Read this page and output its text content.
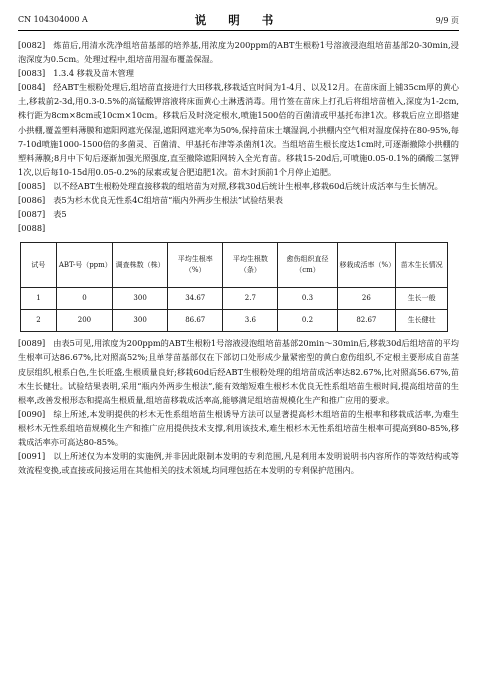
CN 104304000 A	说 明 书	9/9 页

[0082] 炼苗后,用清水洗净组培苗基部的培养基,用浓度为200ppm的ABT生根粉1号溶液浸泡组培苗基部20-30min,浸泡深度为0.5cm。处理过程中,组培苗用湿布覆盖保湿。

[0083] 1.3.4 移栽及苗木管理

[0084] 经ABT生根粉处理后,组培苗直接进行大田移栽,移栽适宜时间为1-4月、以及12月。在苗床面上铺35cm厚的黄心土,移栽前2-3d,用0.3-0.5%的高锰酸钾溶液将床面黄心土淋透消毒。用竹签在苗床上打孔后将组培苗植入,深度为1-2cm,株行距为8cm×8cm或10cm×10cm。移栽后及时浇定根水,喷施1500倍的百菌清或甲基托布津1次。移栽后应立即搭建小拱棚,覆盖塑料薄膜和遮阳网遮光保湿,遮阳网遮光率为50%,保持苗床土壤湿润,小拱棚内空气相对湿度保持在80-95%,每7-10d喷施1000-1500倍的多菌灵、百菌清、甲基托布津等杀菌剂1次。当组培苗生根长度达1cm时,可逐渐撤除小拱棚的塑料薄膜;8月中下旬后逐渐加强光照强度,直至撤除遮阳网转入全光育苗。移栽15-20d后,可喷施0.05-0.1%的磷酸二氢钾1次,以后每10-15d用0.05-0.2%的尿素或复合肥追肥1次。苗木封顶前1个月停止追肥。

[0085] 以不经ABT生根粉处理直接移栽的组培苗为对照,移栽30d后统计生根率,移栽60d后统计成活率与生长情况。

[0086] 表5为杉木优良无性系4C组培苗“瓶内外两步生根法”试验结果表

[0087] 表5

[0088]

试号	ABT-号（ppm）	调查株数（株）	平均生根率（%）	平均生根数（条）	愈伤组织直径（cm）	移栽成活率（%）	苗木生长情况
1	0	300	34.67	2.7	0.3	26	生长一般
2	200	300	86.67	3.6	0.2	82.67	生长健壮

[0089] 由表5可见,用浓度为200ppm的ABT生根粉1号溶液浸泡组培苗基部20min～30min后,移栽30d后组培苗的平均生根率可达86.67%,比对照高52%;且单芽苗基部仅在下部切口处形成少量紧密型的黄白愈伤组织,不定根主要形成自苗茎皮层组织,根系白色,生长旺盛,生根质量良好;移栽60d后经ABT生根粉处理的组培苗成活率达82.67%,比对照高56.67%,苗木生长健壮。试验结果表明,采用“瓶内外两步生根法”,能有效缩短难生根杉木优良无性系组培苗生根时间,提高组培苗的生根率,改善发根形态和提高生根质量,组培苗移栽成活率高,能够满足组培苗规模化生产和推广应用的要求。

[0090] 综上所述,本发明提供的杉木无性系组培苗生根诱导方法可以显著提高杉木组培苗的生根率和移栽成活率,为难生根杉木无性系组培苗规模化生产和推广应用提供技术支撑,利用该技术,难生根杉木无性系组培苗生根率可提高到80-85%,移栽成活率亦可高达80-85%。

[0091] 以上所述仅为本发明的实施例,并非因此限制本发明的专利范围,凡是利用本发明说明书内容所作的等效结构或等效流程变换,或直接或间接运用在其他相关的技术领域,均同理包括在本发明的专利保护范围内。
